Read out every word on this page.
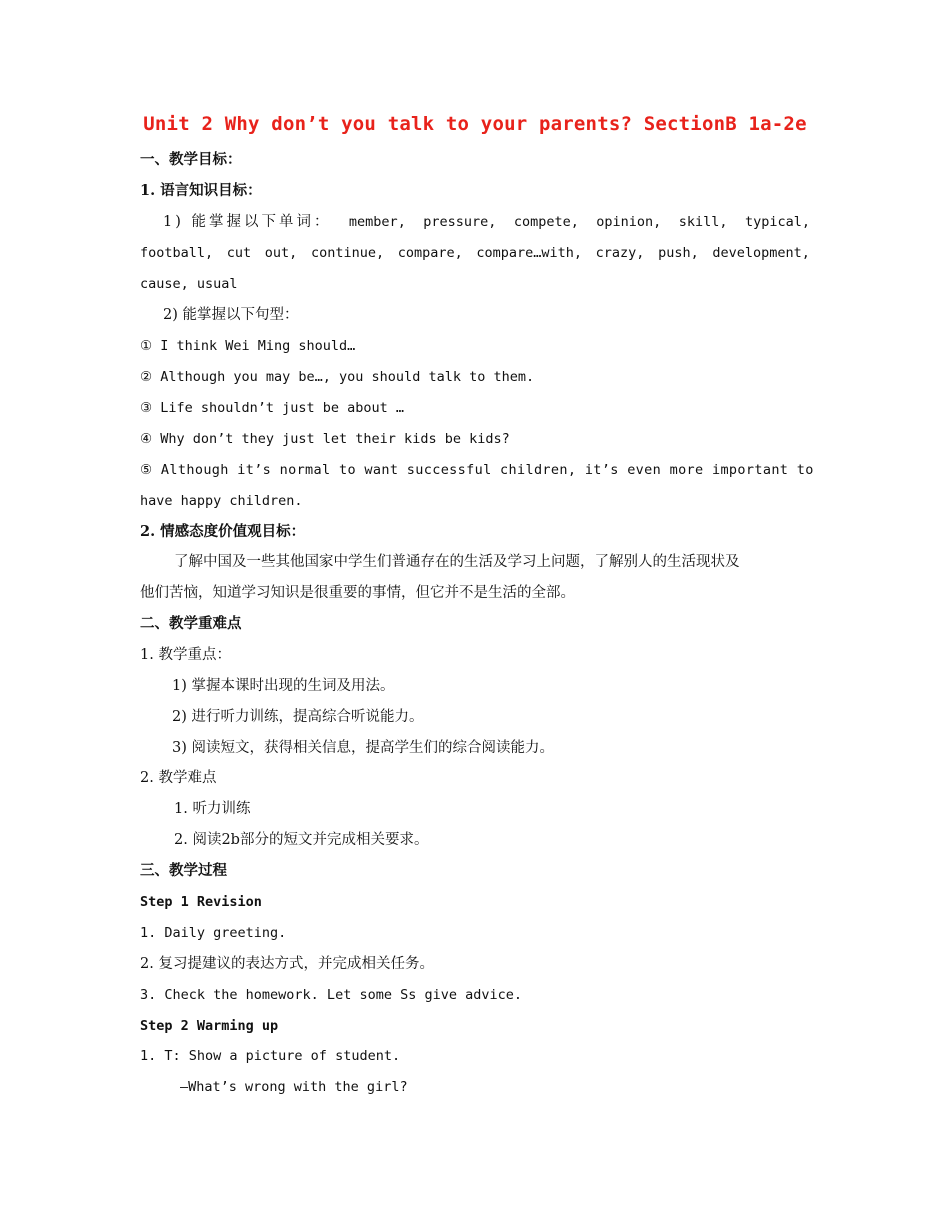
Unit 2 Why don’t you talk to your parents? SectionB 1a-2e
一、教学目标：
1. 语言知识目标：
1) 能掌握以下单词： member, pressure, compete, opinion, skill, typical,
football, cut out, continue, compare, compare…with, crazy, push, development,
cause, usual
2) 能掌握以下句型：
① I think Wei Ming should…
② Although you may be…, you should talk to them.
③ Life shouldn’t just be about …
④ Why don’t they just let their kids be kids?
⑤ Although it’s normal to want successful children, it’s even more important to
have happy children.
2. 情感态度价值观目标：
了解中国及一些其他国家中学生们普通存在的生活及学习上问题，了解别人的生活现状及
他们苦恼，知道学习知识是很重要的事情，但它并不是生活的全部。
二、教学重难点
1. 教学重点：
1) 掌握本课时出现的生词及用法。
2) 进行听力训练，提高综合听说能力。
3) 阅读短文，获得相关信息，提高学生们的综合阅读能力。
2. 教学难点
1. 听力训练
2. 阅读2b部分的短文并完成相关要求。
三、教学过程
Step 1 Revision
1. Daily greeting.
2. 复习提建议的表达方式，并完成相关任务。
3. Check the homework. Let some Ss give advice.
Step 2 Warming up
1. T: Show a picture of student.
—What’s wrong with the girl?
